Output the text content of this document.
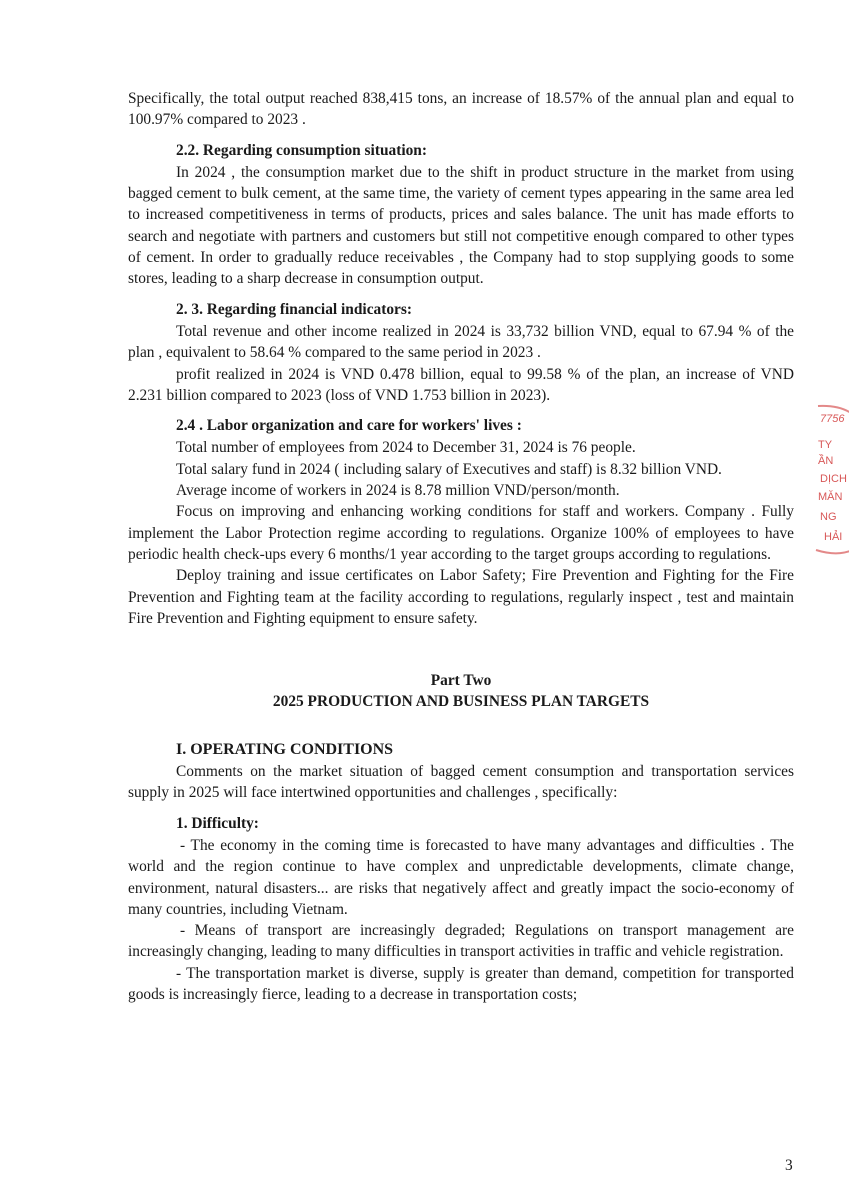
Specifically, the total output reached 838,415 tons, an increase of 18.57% of the annual plan and equal to 100.97% compared to 2023 .

2.2. Regarding consumption situation:

In 2024 , the consumption market due to the shift in product structure in the market from using bagged cement to bulk cement, at the same time, the variety of cement types appearing in the same area led to increased competitiveness in terms of products, prices and sales balance. The unit has made efforts to search and negotiate with partners and customers but still not competitive enough compared to other types of cement. In order to gradually reduce receivables , the Company had to stop supplying goods to some stores, leading to a sharp decrease in consumption output.

2. 3. Regarding financial indicators:

Total revenue and other income realized in 2024 is 33,732 billion VND, equal to 67.94 % of the plan , equivalent to 58.64 % compared to the same period in 2023 .

profit realized in 2024 is VND 0.478 billion, equal to 99.58 % of the plan, an increase of VND 2.231 billion compared to 2023 (loss of VND 1.753 billion in 2023).

2.4 . Labor organization and care for workers' lives :

Total number of employees from 2024 to December 31, 2024 is 76 people.

Total salary fund in 2024 ( including salary of Executives and staff) is 8.32 billion VND.

Average income of workers in 2024 is 8.78 million VND/person/month.

Focus on improving and enhancing working conditions for staff and workers. Company . Fully implement the Labor Protection regime according to regulations. Organize 100% of employees to have periodic health check-ups every 6 months/1 year according to the target groups according to regulations.

Deploy training and issue certificates on Labor Safety; Fire Prevention and Fighting for the Fire Prevention and Fighting team at the facility according to regulations, regularly inspect , test and maintain Fire Prevention and Fighting equipment to ensure safety.

Part Two

2025 PRODUCTION AND BUSINESS PLAN TARGETS

I. OPERATING CONDITIONS

Comments on the market situation of bagged cement consumption and transportation services supply in 2025 will face intertwined opportunities and challenges , specifically:

1. Difficulty:

- The economy in the coming time is forecasted to have many advantages and difficulties . The world and the region continue to have complex and unpredictable developments, climate change, environment, natural disasters... are risks that negatively affect and greatly impact the socio-economy of many countries, including Vietnam.

- Means of transport are increasingly degraded; Regulations on transport management are increasingly changing, leading to many difficulties in transport activities in traffic and vehicle registration.

- The transportation market is diverse, supply is greater than demand, competition for transported goods is increasingly fierce, leading to a decrease in transportation costs;

7756
TY
ẦN
DỊCH
MĂN
NG
HẢI
3
